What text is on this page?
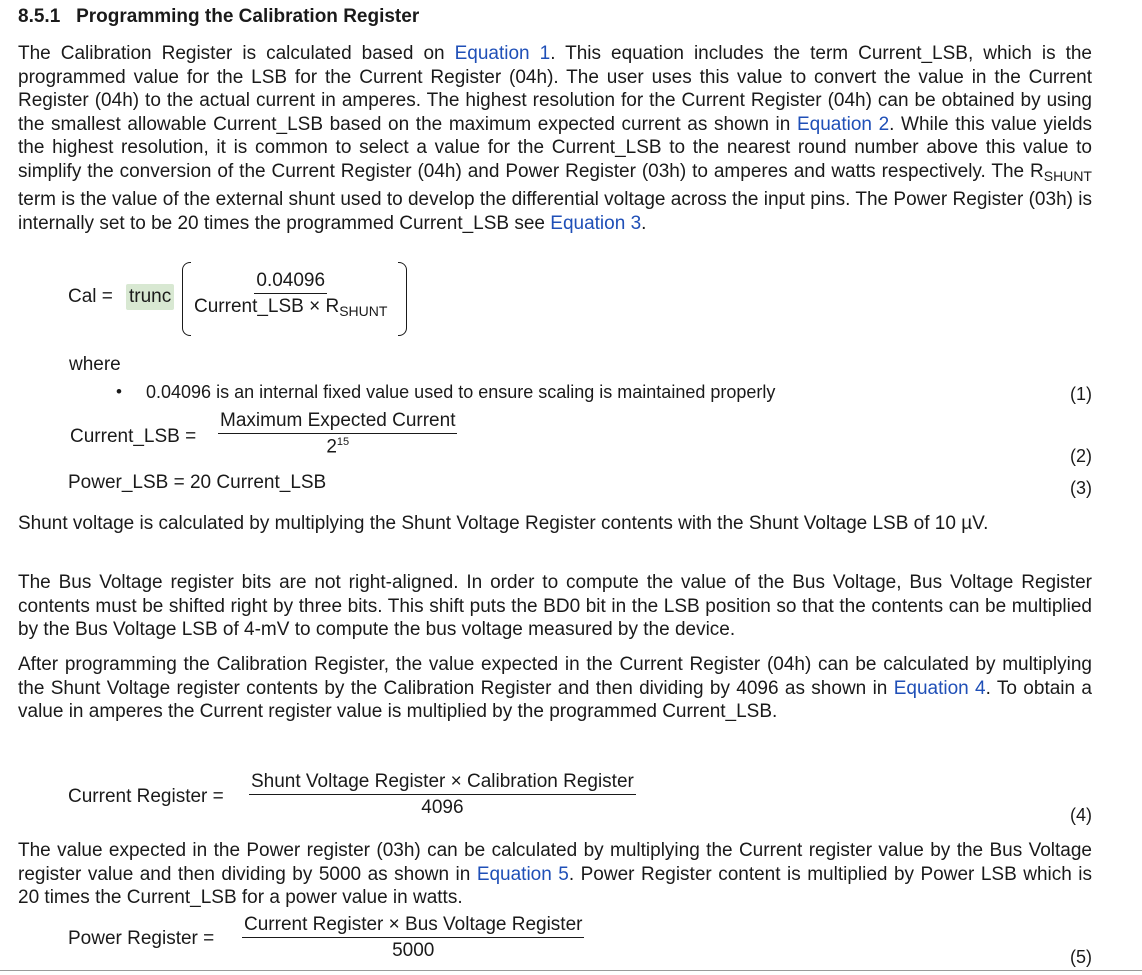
8.5.1 Programming the Calibration Register

The Calibration Register is calculated based on Equation 1. This equation includes the term Current_LSB, which is the programmed value for the LSB for the Current Register (04h). The user uses this value to convert the value in the Current Register (04h) to the actual current in amperes. The highest resolution for the Current Register (04h) can be obtained by using the smallest allowable Current_LSB based on the maximum expected current as shown in Equation 2. While this value yields the highest resolution, it is common to select a value for the Current_LSB to the nearest round number above this value to simplify the conversion of the Current Register (04h) and Power Register (03h) to amperes and watts respectively. The $R_{SHUNT}$ term is the value of the external shunt used to develop the differential voltage across the input pins. The Power Register (03h) is internally set to be 20 times the programmed Current_LSB see Equation 3.

Cal = trunc
0.04096
Current_LSB × $R_{SHUNT}$
where
• 0.04096 is an internal fixed value used to ensure scaling is maintained properly	(1)
Current_LSB =
Maximum Expected Current
$2^{15}$
(2)
Power_LSB = 20 Current_LSB	(3)

Shunt voltage is calculated by multiplying the Shunt Voltage Register contents with the Shunt Voltage LSB of 10 µV.

The Bus Voltage register bits are not right-aligned. In order to compute the value of the Bus Voltage, Bus Voltage Register contents must be shifted right by three bits. This shift puts the BD0 bit in the LSB position so that the contents can be multiplied by the Bus Voltage LSB of 4-mV to compute the bus voltage measured by the device.

After programming the Calibration Register, the value expected in the Current Register (04h) can be calculated by multiplying the Shunt Voltage register contents by the Calibration Register and then dividing by 4096 as shown in Equation 4. To obtain a value in amperes the Current register value is multiplied by the programmed Current_LSB.

Current Register =
Shunt Voltage Register × Calibration Register
4096	(4)

The value expected in the Power register (03h) can be calculated by multiplying the Current register value by the Bus Voltage register value and then dividing by 5000 as shown in Equation 5. Power Register content is multiplied by Power LSB which is 20 times the Current_LSB for a power value in watts.

Power Register =
Current Register × Bus Voltage Register
5000	(5)
